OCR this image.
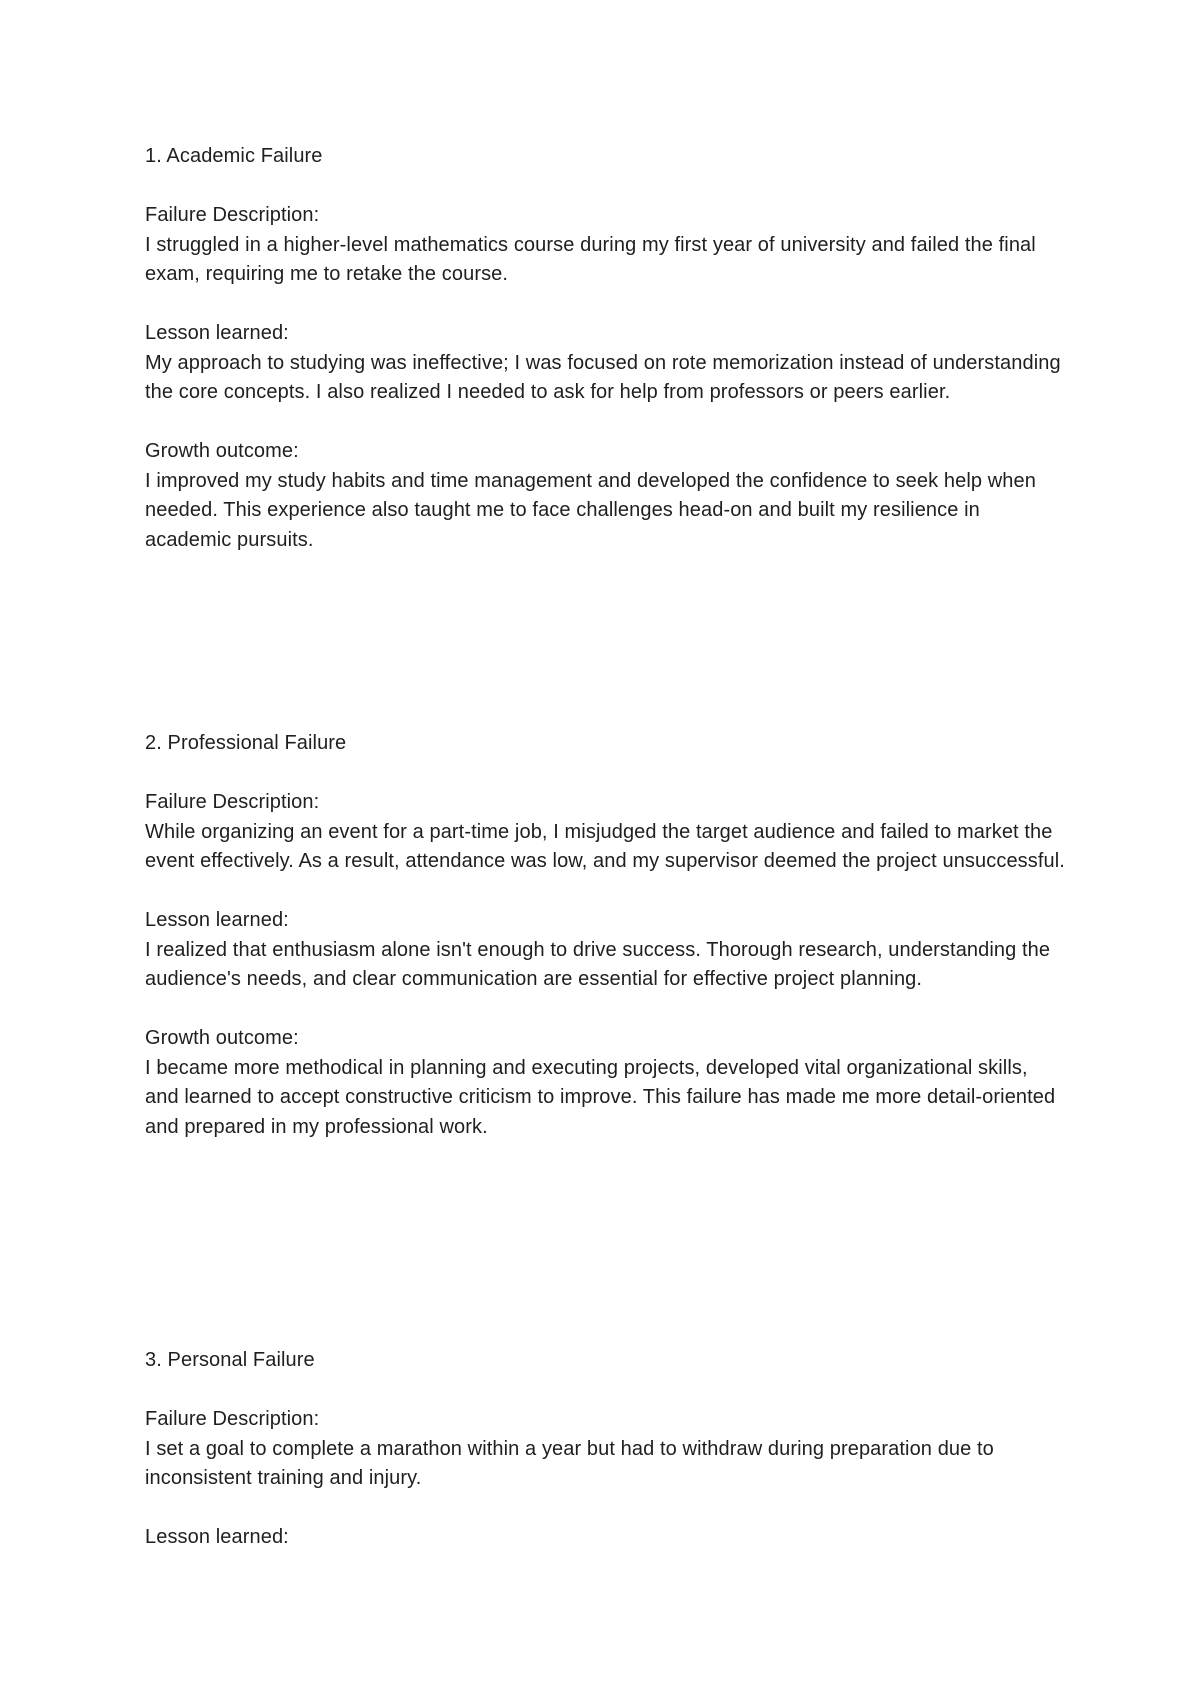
1. Academic Failure

Failure Description:

I struggled in a higher-level mathematics course during my first year of university and failed the final exam, requiring me to retake the course.

Lesson learned:

My approach to studying was ineffective; I was focused on rote memorization instead of understanding the core concepts. I also realized I needed to ask for help from professors or peers earlier.

Growth outcome:

I improved my study habits and time management and developed the confidence to seek help when needed. This experience also taught me to face challenges head-on and built my resilience in academic pursuits.

2. Professional Failure

Failure Description:

While organizing an event for a part-time job, I misjudged the target audience and failed to market the event effectively. As a result, attendance was low, and my supervisor deemed the project unsuccessful.

Lesson learned:

I realized that enthusiasm alone isn't enough to drive success. Thorough research, understanding the audience's needs, and clear communication are essential for effective project planning.

Growth outcome:

I became more methodical in planning and executing projects, developed vital organizational skills, and learned to accept constructive criticism to improve. This failure has made me more detail-oriented and prepared in my professional work.

3. Personal Failure

Failure Description:

I set a goal to complete a marathon within a year but had to withdraw during preparation due to inconsistent training and injury.

Lesson learned:
